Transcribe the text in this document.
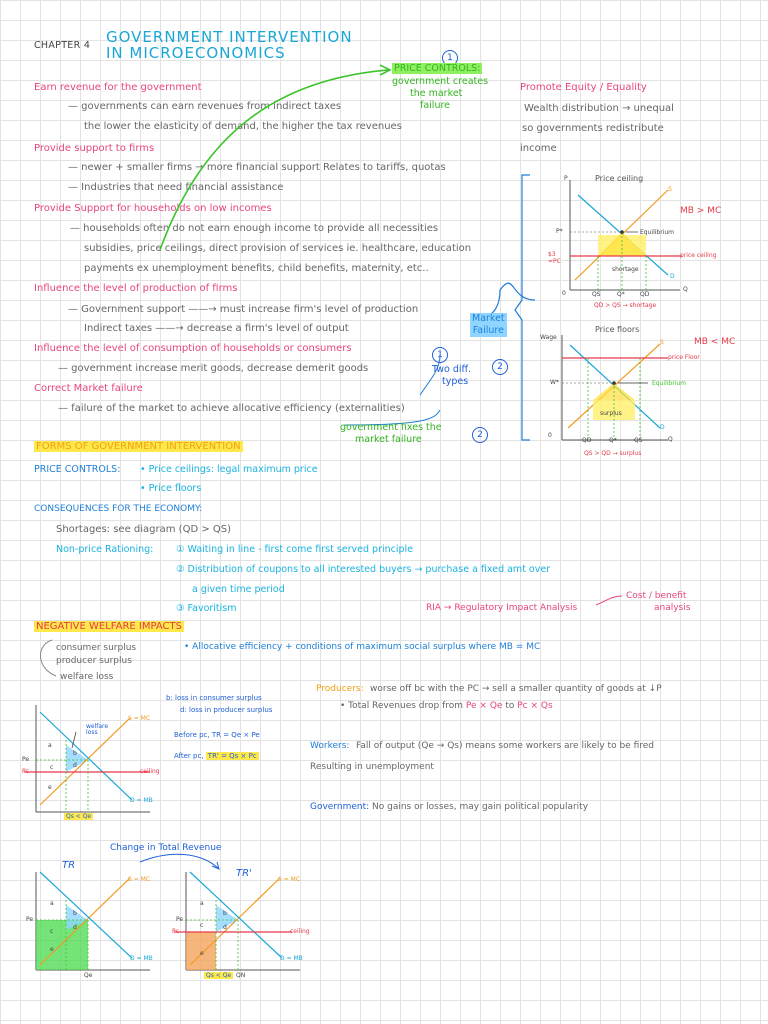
CHAPTER 4 GOVERNMENT INTERVENTION
IN MICROECONOMICS
Earn revenue for the government
— governments can earn revenues from indirect taxes
the lower the elasticity of demand, the higher the tax revenues
Provide support to firms
— newer + smaller firms → more financial support Relates to tariffs, quotas
— Industries that need financial assistance
Provide Support for households on low incomes
— households often do not earn enough income to provide all necessities
subsidies, price ceilings, direct provision of services ie. healthcare, education
payments ex unemployment benefits, child benefits, maternity, etc..
Influence the level of production of firms
— Government support ——→ must increase firm's level of production
Indirect taxes ——→ decrease a firm's level of output
Influence the level of consumption of households or consumers
— government increase merit goods, decrease demerit goods
Correct Market failure
— failure of the market to achieve allocative efficiency (externalities)
1
PRICE CONTROLS:
government creates
the market
failure
Market
Failure
1
2
Two diff.
types
government fixes the
market failure	2
Promote Equity / Equality
Wealth distribution → unequal
so governments redistribute
income
Price ceiling
MB > MC
P
Q
S
D
P*
$3
=PC
Equilibrium
price ceiling
shortage
QS	Q*	QD
0
QD > QS → shortage
Price floors
MB < MC
Wage
S
D
W*
price Floor
Equilibrium
surplus
QD	Q*	QS	Q
0
QS > QD → surplus
FORMS OF GOVERNMENT INTERVENTION
PRICE CONTROLS: • Price ceilings: legal maximum price
• Price floors
CONSEQUENCES FOR THE ECONOMY:
Shortages: see diagram (QD > QS)
Non-price Rationing: ① Waiting in line - first come first served principle
② Distribution of coupons to all interested buyers → purchase a fixed amt over
a given time period
③ Favoritism	RIA → Regulatory Impact Analysis
Cost / benefit
analysis
NEGATIVE WELFARE IMPACTS
consumer surplus
producer surplus
welfare loss
• Allocative efficiency + conditions of maximum social surplus where MB = MC
b: loss in consumer surplus
d: loss in producer surplus
Before pc, TR = Qe × Pe
After pc, TR' = Qs × Pc
Producers: worse off bc with the PC → sell a smaller quantity of goods at ↓P
• Total Revenues drop from Pe × Qe to Pc × Qs
Workers: Fall of output (Qe → Qs) means some workers are likely to be fired
Resulting in unemployment
Government: No gains or losses, may gain political popularity
S = MC
D = MB
Pe
Pc	ceiling
welfare
loss
a
b
c	d
e
Qs < Qe
Change in Total Revenue
TR
TR'
S = MC
D = MB
Pe
Qe
a
b
c
d
e
S = MC
D = MB
Pe
Pc	ceiling
a
b
c	d
e
Qs < Qe QN
